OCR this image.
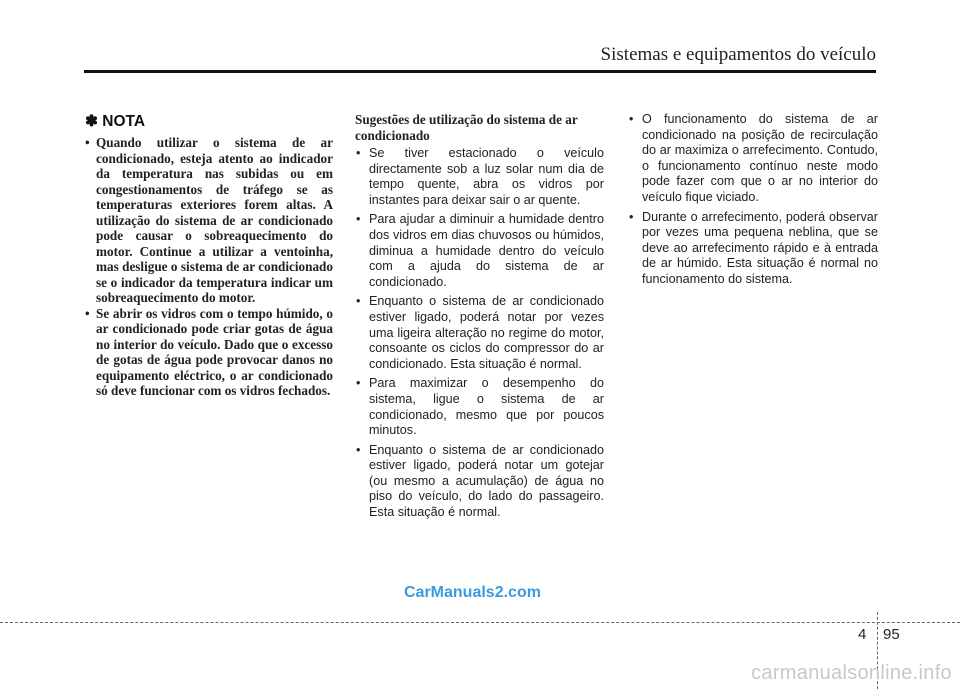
Sistemas e equipamentos do veículo
✽ NOTA
• Quando utilizar o sistema de ar condicionado, esteja atento ao indicador da temperatura nas subidas ou em congestionamentos de tráfego se as temperaturas exteriores forem altas. A utilização do sistema de ar condicionado pode causar o sobreaquecimento do motor. Continue a utilizar a ventoinha, mas desligue o sistema de ar condicionado se o indicador da temperatura indicar um sobreaquecimento do motor.
• Se abrir os vidros com o tempo húmido, o ar condicionado pode criar gotas de água no interior do veículo. Dado que o excesso de gotas de água pode provocar danos no equipamento eléctrico, o ar condicionado só deve funcionar com os vidros fechados.
Sugestões de utilização do sistema de ar condicionado
• Se tiver estacionado o veículo directamente sob a luz solar num dia de tempo quente, abra os vidros por instantes para deixar sair o ar quente.
• Para ajudar a diminuir a humidade dentro dos vidros em dias chuvosos ou húmidos, diminua a humidade dentro do veículo com a ajuda do sistema de ar condicionado.
• Enquanto o sistema de ar condicionado estiver ligado, poderá notar por vezes uma ligeira alteração no regime do motor, consoante os ciclos do compressor do ar condicionado. Esta situação é normal.
• Para maximizar o desempenho do sistema, ligue o sistema de ar condicionado, mesmo que por poucos minutos.
• Enquanto o sistema de ar condicionado estiver ligado, poderá notar um gotejar (ou mesmo a acumulação) de água no piso do veículo, do lado do passageiro. Esta situação é normal.
• O funcionamento do sistema de ar condicionado na posição de recirculação do ar maximiza o arrefecimento. Contudo, o funcionamento contínuo neste modo pode fazer com que o ar no interior do veículo fique viciado.
• Durante o arrefecimento, poderá observar por vezes uma pequena neblina, que se deve ao arrefecimento rápido e à entrada de ar húmido. Esta situação é normal no funcionamento do sistema.
CarManuals2.com
4 95
carmanualsonline.info
